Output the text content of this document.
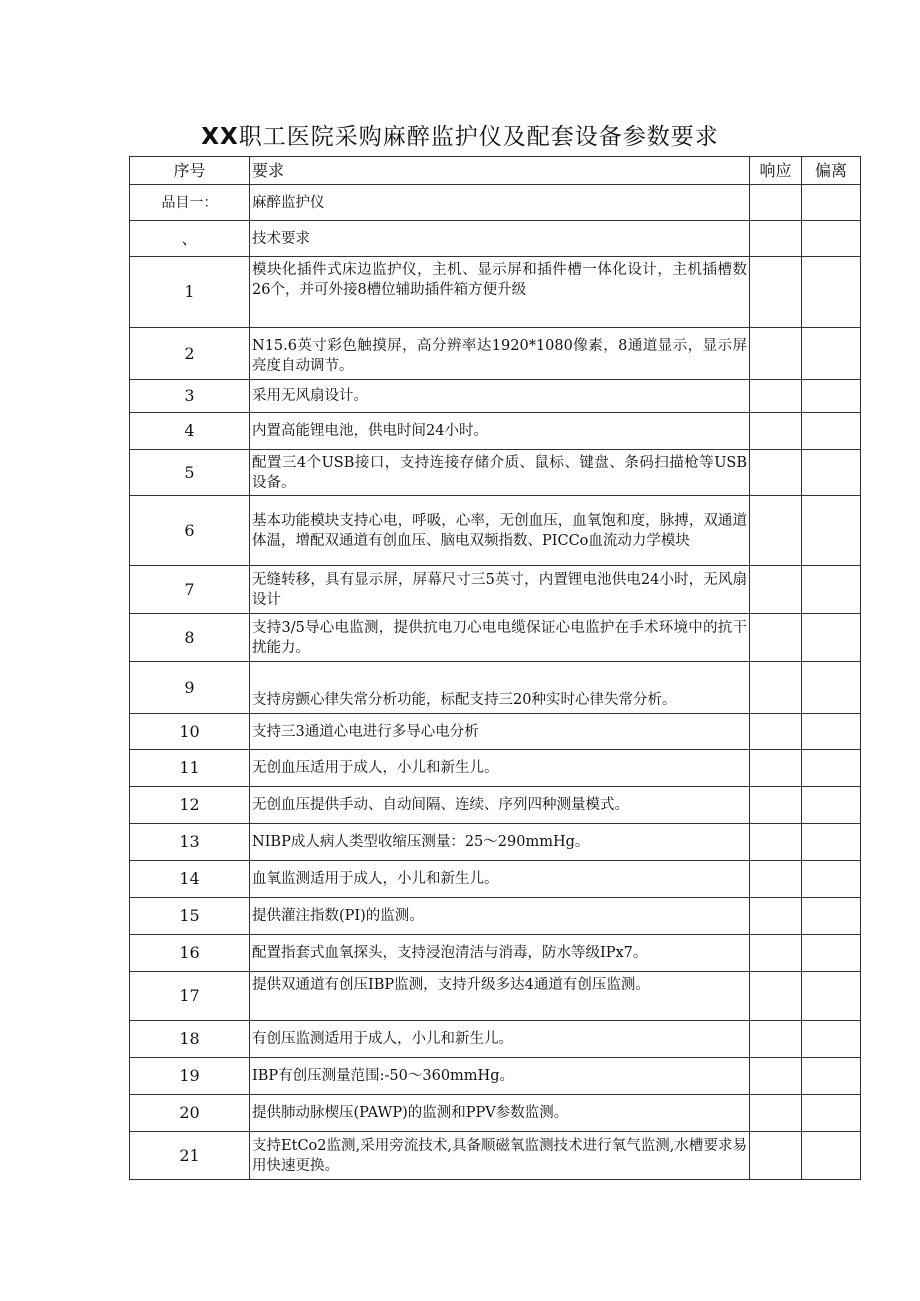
XX职工医院采购麻醉监护仪及配套设备参数要求
序号	要求	响应	偏离
品目一：	麻醉监护仪		
、	技术要求		
1	模块化插件式床边监护仪，主机、显示屏和插件槽一体化设计，主机插槽数26个，并可外接8槽位辅助插件箱方便升级		
2	N15.6英寸彩色触摸屏，高分辨率达1920*1080像素，8通道显示，显示屏亮度自动调节。		
3	采用无风扇设计。		
4	内置高能锂电池，供电时间24小时。		
5	配置三4个USB接口，支持连接存储介质、鼠标、键盘、条码扫描枪等USB设备。		
6	基本功能模块支持心电，呼吸，心率，无创血压，血氧饱和度，脉搏，双通道体温，增配双通道有创血压、脑电双频指数、PICCo血流动力学模块		
7	无缝转移，具有显示屏，屏幕尺寸三5英寸，内置锂电池供电24小时，无风扇设计		
8	支持3/5导心电监测，提供抗电刀心电电缆保证心电监护在手术环境中的抗干扰能力。		
9	支持房颤心律失常分析功能，标配支持三20种实时心律失常分析。		
10	支持三3通道心电进行多导心电分析		
11	无创血压适用于成人，小儿和新生儿。		
12	无创血压提供手动、自动间隔、连续、序列四种测量模式。		
13	NIBP成人病人类型收缩压测量：25〜290mmHg。		
14	血氧监测适用于成人，小儿和新生儿。		
15	提供灌注指数(PI)的监测。		
16	配置指套式血氧探头，支持浸泡清洁与消毒，防水等级IPx7。		
17	提供双通道有创压IBP监测，支持升级多达4通道有创压监测。		
18	有创压监测适用于成人，小儿和新生儿。		
19	IBP有创压测量范围:-50〜360mmHg。		
20	提供肺动脉楔压(PAWP)的监测和PPV参数监测。		
21	支持EtCo2监测,采用旁流技术,具备顺磁氧监测技术进行氧气监测,水槽要求易用快速更换。		
